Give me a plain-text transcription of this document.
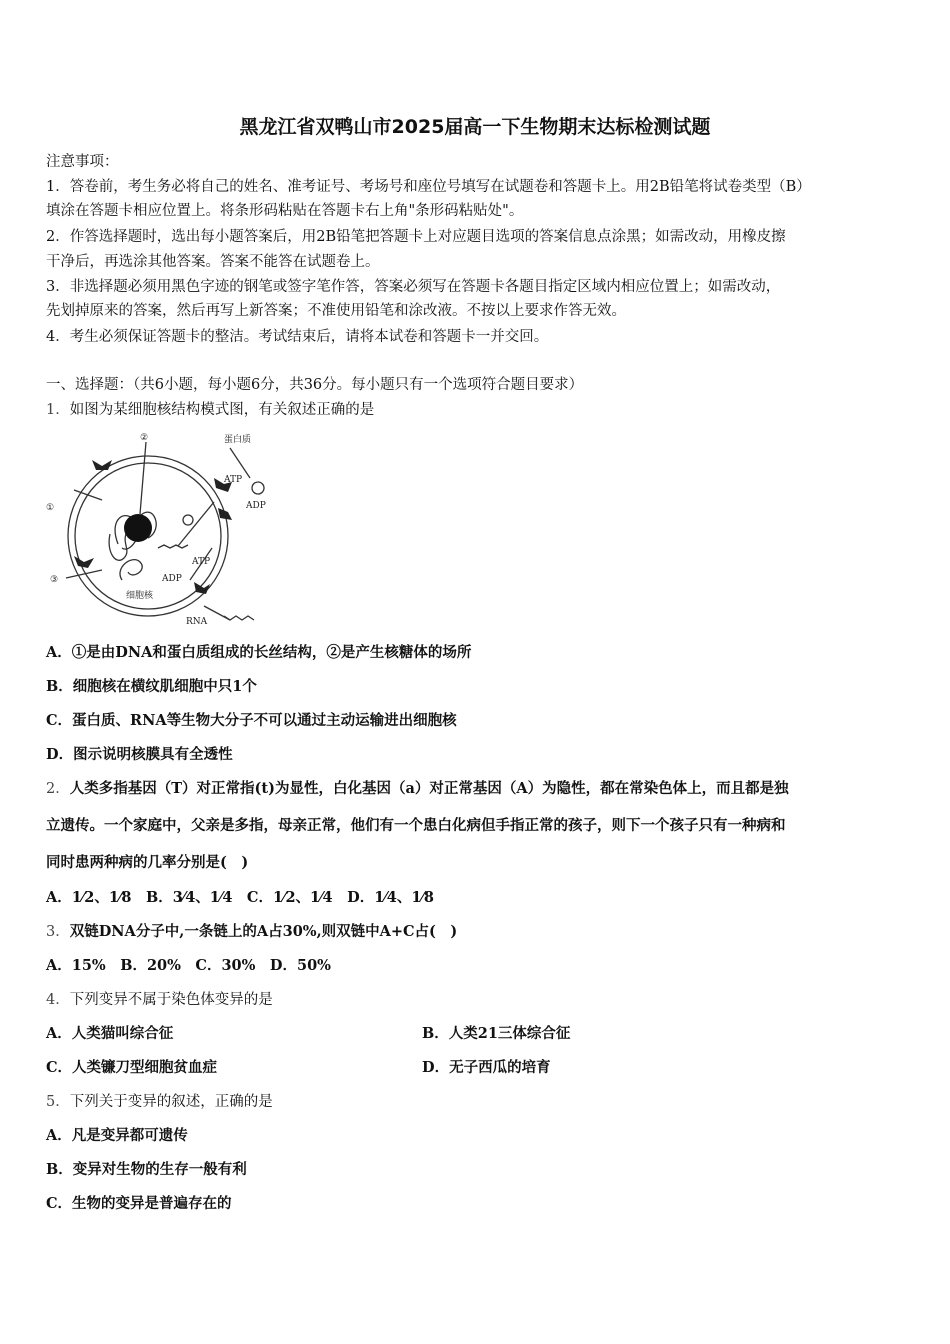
黑龙江省双鸭山市2025届高一下生物期末达标检测试题
注意事项：
1．答卷前，考生务必将自己的姓名、准考证号、考场号和座位号填写在试题卷和答题卡上。用2B铅笔将试卷类型（B）
填涂在答题卡相应位置上。将条形码粘贴在答题卡右上角"条形码粘贴处"。
2．作答选择题时，选出每小题答案后，用2B铅笔把答题卡上对应题目选项的答案信息点涂黑；如需改动，用橡皮擦
干净后，再选涂其他答案。答案不能答在试题卷上。
3．非选择题必须用黑色字迹的钢笔或签字笔作答，答案必须写在答题卡各题目指定区域内相应位置上；如需改动，
先划掉原来的答案，然后再写上新答案；不准使用铅笔和涂改液。不按以上要求作答无效。
4．考生必须保证答题卡的整洁。考试结束后，请将本试卷和答题卡一并交回。
一、选择题：（共6小题，每小题6分，共36分。每小题只有一个选项符合题目要求）
1．如图为某细胞核结构模式图，有关叙述正确的是
①
②
③
蛋白质
ATP
ADP
ATP
ADP
细胞核
RNA
A．①是由DNA和蛋白质组成的长丝结构，②是产生核糖体的场所
B．细胞核在横纹肌细胞中只1个
C．蛋白质、RNA等生物大分子不可以通过主动运输进出细胞核
D．图示说明核膜具有全透性
2．人类多指基因（T）对正常指(t)为显性，白化基因（a）对正常基因（A）为隐性，都在常染色体上，而且都是独
立遗传。一个家庭中，父亲是多指，母亲正常，他们有一个患白化病但手指正常的孩子，则下一个孩子只有一种病和
同时患两种病的几率分别是(　)
A．1⁄2、1⁄8　B．3⁄4、1⁄4　C．1⁄2、1⁄4　D．1⁄4、1⁄8
3．双链DNA分子中,一条链上的A占30%,则双链中A+C占(　)
A．15%　B．20%　C．30%　D．50%
4．下列变异不属于染色体变异的是
A．人类猫叫综合征	B．人类21三体综合征
C．人类镰刀型细胞贫血症	D．无子西瓜的培育
5．下列关于变异的叙述，正确的是
A．凡是变异都可遗传
B．变异对生物的生存一般有利
C．生物的变异是普遍存在的
